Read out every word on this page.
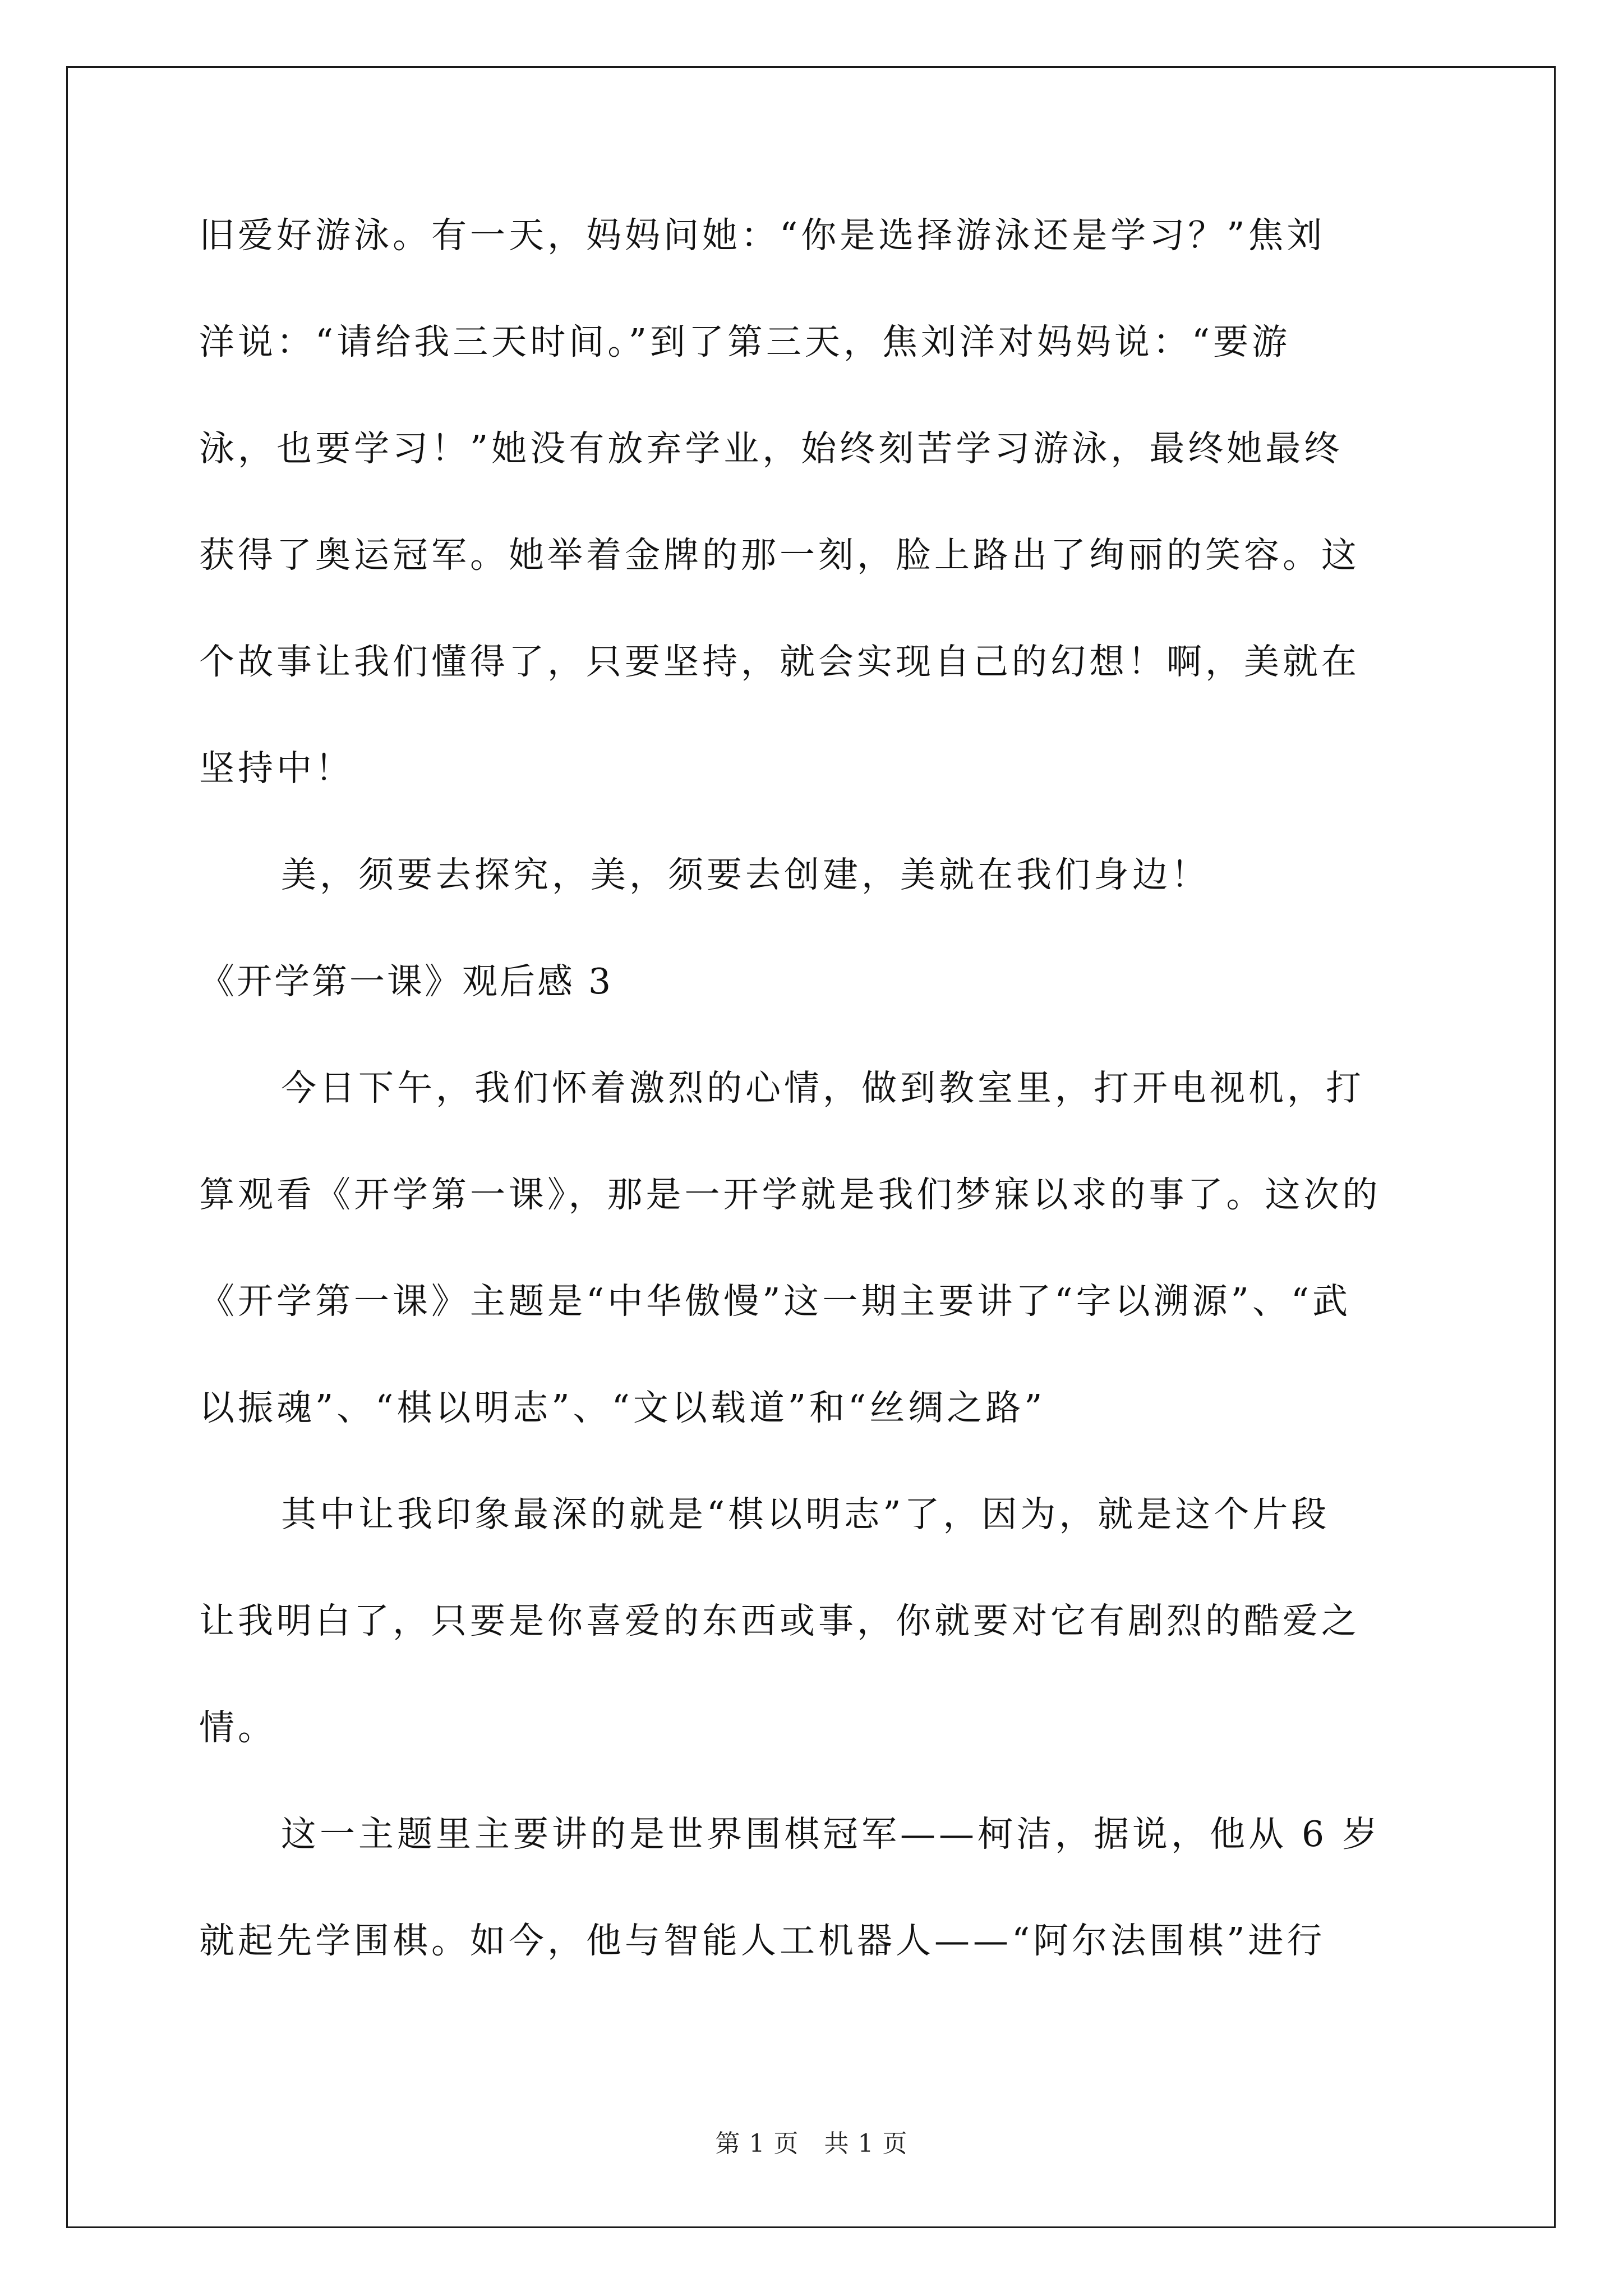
旧爱好游泳。有一天，妈妈问她：“你是选择游泳还是学习？”焦刘
洋说：“请给我三天时间。”到了第三天，焦刘洋对妈妈说：“要游
泳，也要学习！”她没有放弃学业，始终刻苦学习游泳，最终她最终
获得了奥运冠军。她举着金牌的那一刻，脸上路出了绚丽的笑容。这
个故事让我们懂得了，只要坚持，就会实现自己的幻想！啊，美就在
坚持中！
美，须要去探究，美，须要去创建，美就在我们身边！
《开学第一课》观后感 3
今日下午，我们怀着激烈的心情，做到教室里，打开电视机，打
算观看《开学第一课》，那是一开学就是我们梦寐以求的事了。这次的
《开学第一课》主题是“中华傲慢”这一期主要讲了“字以溯源”、“武
以振魂”、“棋以明志”、“文以载道”和“丝绸之路”
其中让我印象最深的就是“棋以明志”了，因为，就是这个片段
让我明白了，只要是你喜爱的东西或事，你就要对它有剧烈的酷爱之
情。
这一主题里主要讲的是世界围棋冠军——柯洁，据说，他从 6 岁
就起先学围棋。如今，他与智能人工机器人——“阿尔法围棋”进行
第 1 页 共 1 页
